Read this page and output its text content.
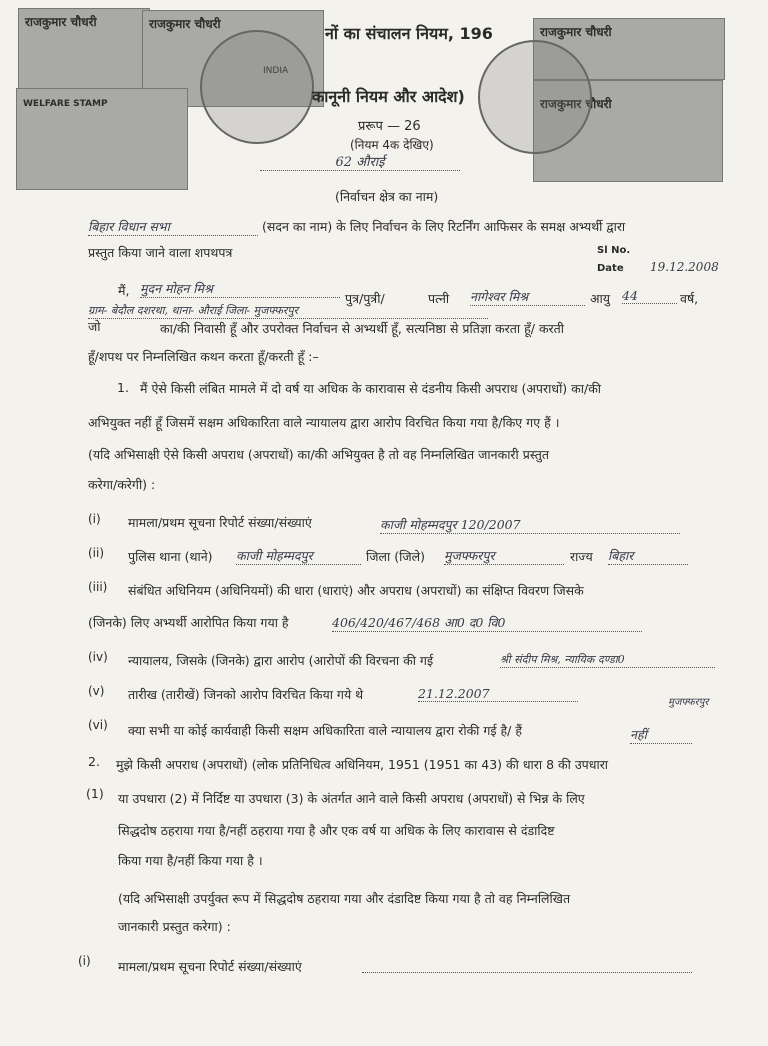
राजकुमार चौधरी	राजकुमार चौधरी
INDIA
WELFARE STAMP
राजकुमार चौधरी
राजकुमार चौधरी
नों का संचालन नियम, 196
कानूनी नियम और आदेश)
प्ररूप — 26
(नियम 4क देखिए)
62 औराई
(निर्वाचन क्षेत्र का नाम)
Sl No.
Date 19.12.2008
बिहार विधान सभा	(सदन का नाम) के लिए निर्वाचन के लिए रिटर्निंग आफिसर के समक्ष अभ्यर्थी द्वारा
प्रस्तुत किया जाने वाला शपथपत्र
मैं, मुदन मोहन मिश्र
पुत्र/पुत्री/	पत्नी नागेश्वर मिश्र	आयु 44	वर्ष,
ग्राम- बेदौल दशरथा, थाना- औराई जिला- मुजफ्फरपुर
जो	का/की निवासी हूँ और उपरोक्त निर्वाचन से अभ्यर्थी हूँ, सत्यनिष्ठा से प्रतिज्ञा करता हूँ/ करती
हूँ/शपथ पर निम्नलिखित कथन करता हूँ/करती हूँ :–
1. मैं ऐसे किसी लंबित मामले में दो वर्ष या अधिक के कारावास से दंडनीय किसी अपराध (अपराधों) का/की
अभियुक्त नहीं हूँ जिसमें सक्षम अधिकारिता वाले न्यायालय द्वारा आरोप विरचित किया गया है/किए गए हैं ।
(यदि अभिसाक्षी ऐसे किसी अपराध (अपराधों) का/की अभियुक्त है तो वह निम्नलिखित जानकारी प्रस्तुत
करेगा/करेगी) :
(i) मामला/प्रथम सूचना रिपोर्ट संख्या/संख्याएं	काजी मोहम्मदपुर 120/2007
(ii) पुलिस थाना (थाने) काजी मोहम्मदपुर	जिला (जिले) मुजफ्फरपुर	राज्य बिहार
(iii) संबंधित अधिनियम (अधिनियमों) की धारा (धाराएं) और अपराध (अपराधों) का संक्षिप्त विवरण जिसके
(जिनके) लिए अभ्यर्थी आरोपित किया गया है	406/420/467/468 आ0 द0 वि0
(iv) न्यायालय, जिसके (जिनके) द्वारा आरोप (आरोपों की विरचना की गई	श्री संदीप मिश्र, न्यायिक दण्डा0
मुजफ्फरपुर
(v) तारीख (तारीखें) जिनको आरोप विरचित किया गये थे	21.12.2007
(vi) क्या सभी या कोई कार्यवाही किसी सक्षम अधिकारिता वाले न्यायालय द्वारा रोकी गई है/ हैं	नहीं
2. मुझे किसी अपराध (अपराधों) (लोक प्रतिनिधित्व अधिनियम, 1951 (1951 का 43) की धारा 8 की उपधारा
(1) या उपधारा (2) में निर्दिष्ट या उपधारा (3) के अंतर्गत आने वाले किसी अपराध (अपराधों) से भिन्न के लिए
सिद्धदोष ठहराया गया है/नहीं ठहराया गया है और एक वर्ष या अधिक के लिए कारावास से दंडादिष्ट
किया गया है/नहीं किया गया है ।
(यदि अभिसाक्षी उपर्युक्त रूप में सिद्धदोष ठहराया गया और दंडादिष्ट किया गया है तो वह निम्नलिखित
जानकारी प्रस्तुत करेगा) :
(i) मामला/प्रथम सूचना रिपोर्ट संख्या/संख्याएं
